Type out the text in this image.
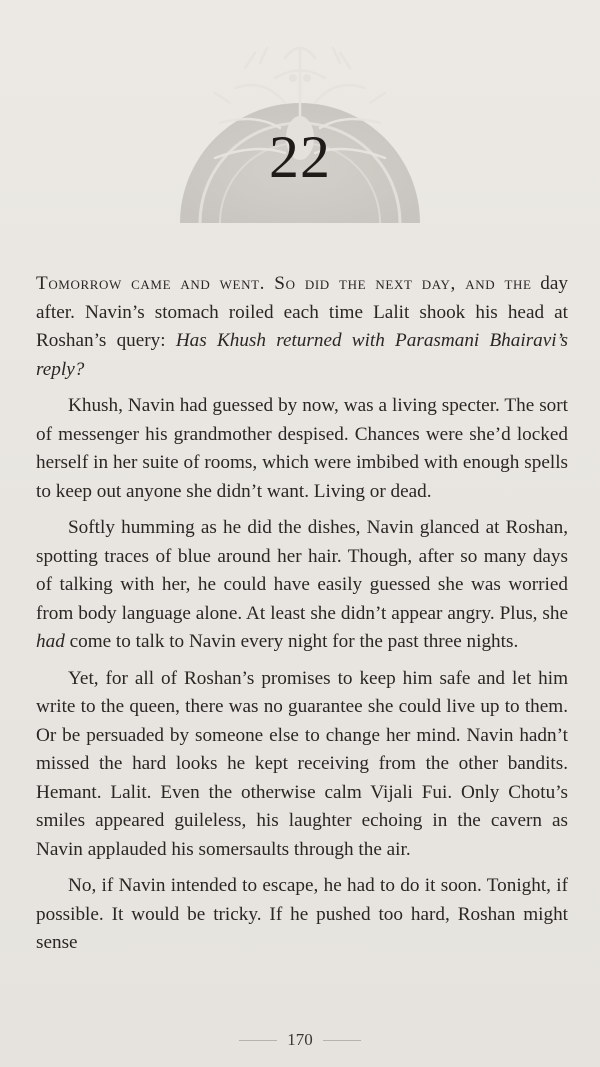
22

Tomorrow came and went. So did the next day, and the day after. Navin’s stomach roiled each time Lalit shook his head at Roshan’s query: Has Khush returned with Parasmani Bhairavi’s reply?

Khush, Navin had guessed by now, was a living specter. The sort of messenger his grandmother despised. Chances were she’d locked herself in her suite of rooms, which were imbibed with enough spells to keep out anyone she didn’t want. Living or dead.

Softly humming as he did the dishes, Navin glanced at Roshan, spotting traces of blue around her hair. Though, after so many days of talking with her, he could have easily guessed she was worried from body language alone. At least she didn’t appear angry. Plus, she had come to talk to Navin every night for the past three nights.

Yet, for all of Roshan’s promises to keep him safe and let him write to the queen, there was no guarantee she could live up to them. Or be persuaded by someone else to change her mind. Navin hadn’t missed the hard looks he kept receiving from the other bandits. Hemant. Lalit. Even the otherwise calm Vijali Fui. Only Chotu’s smiles appeared guileless, his laughter echoing in the cavern as Navin applauded his somersaults through the air.

No, if Navin intended to escape, he had to do it soon. Tonight, if possible. It would be tricky. If he pushed too hard, Roshan might sense

170
